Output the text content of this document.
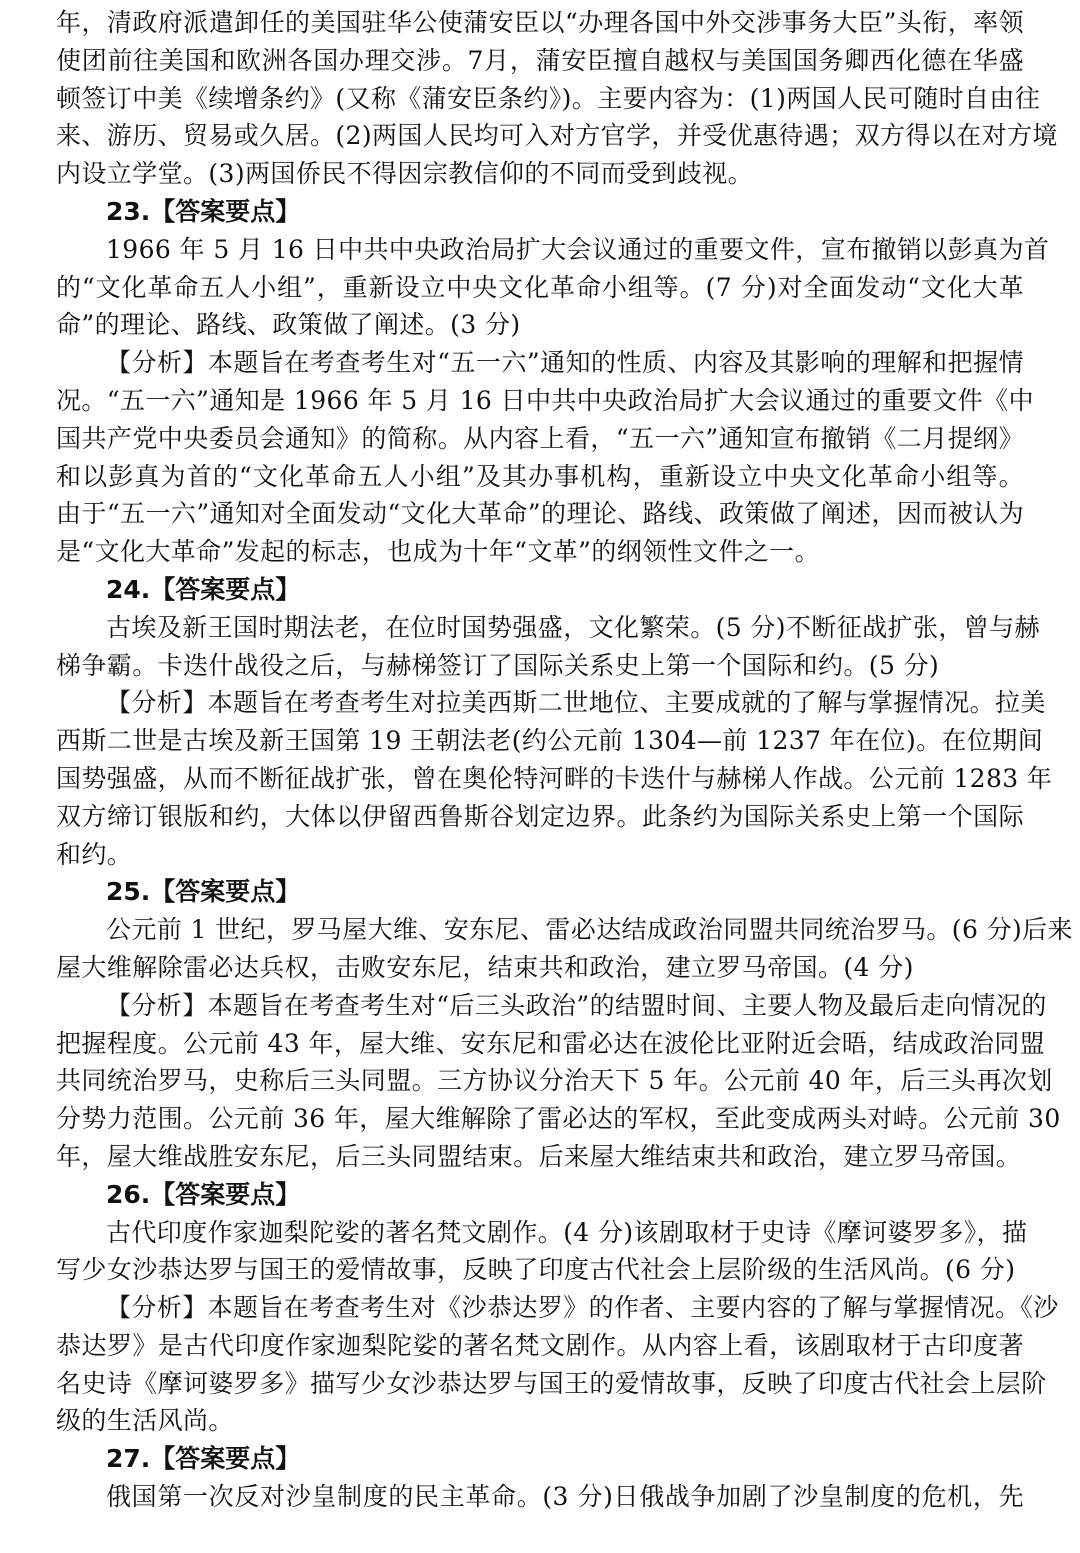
年，清政府派遣卸任的美国驻华公使蒲安臣以“办理各国中外交涉事务大臣”头衔，率领
使团前往美国和欧洲各国办理交涉。7月，蒲安臣擅自越权与美国国务卿西化德在华盛
顿签订中美《续增条约》(又称《蒲安臣条约》)。主要内容为：(1)两国人民可随时自由往
来、游历、贸易或久居。(2)两国人民均可入对方官学，并受优惠待遇；双方得以在对方境
内设立学堂。(3)两国侨民不得因宗教信仰的不同而受到歧视。
23.【答案要点】
1966 年 5 月 16 日中共中央政治局扩大会议通过的重要文件，宣布撤销以彭真为首
的“文化革命五人小组”，重新设立中央文化革命小组等。(7 分)对全面发动“文化大革
命”的理论、路线、政策做了阐述。(3 分)
【分析】本题旨在考查考生对“五一六”通知的性质、内容及其影响的理解和把握情
况。“五一六”通知是 1966 年 5 月 16 日中共中央政治局扩大会议通过的重要文件《中
国共产党中央委员会通知》的简称。从内容上看，“五一六”通知宣布撤销《二月提纲》
和以彭真为首的“文化革命五人小组”及其办事机构，重新设立中央文化革命小组等。
由于“五一六”通知对全面发动“文化大革命”的理论、路线、政策做了阐述，因而被认为
是“文化大革命”发起的标志，也成为十年“文革”的纲领性文件之一。
24.【答案要点】
古埃及新王国时期法老，在位时国势强盛，文化繁荣。(5 分)不断征战扩张，曾与赫
梯争霸。卡迭什战役之后，与赫梯签订了国际关系史上第一个国际和约。(5 分)
【分析】本题旨在考查考生对拉美西斯二世地位、主要成就的了解与掌握情况。拉美
西斯二世是古埃及新王国第 19 王朝法老(约公元前 1304—前 1237 年在位)。在位期间
国势强盛，从而不断征战扩张，曾在奥伦特河畔的卡迭什与赫梯人作战。公元前 1283 年
双方缔订银版和约，大体以伊留西鲁斯谷划定边界。此条约为国际关系史上第一个国际
和约。
25.【答案要点】
公元前 1 世纪，罗马屋大维、安东尼、雷必达结成政治同盟共同统治罗马。(6 分)后来
屋大维解除雷必达兵权，击败安东尼，结束共和政治，建立罗马帝国。(4 分)
【分析】本题旨在考查考生对“后三头政治”的结盟时间、主要人物及最后走向情况的
把握程度。公元前 43 年，屋大维、安东尼和雷必达在波伦比亚附近会晤，结成政治同盟
共同统治罗马，史称后三头同盟。三方协议分治天下 5 年。公元前 40 年，后三头再次划
分势力范围。公元前 36 年，屋大维解除了雷必达的军权，至此变成两头对峙。公元前 30
年，屋大维战胜安东尼，后三头同盟结束。后来屋大维结束共和政治，建立罗马帝国。
26.【答案要点】
古代印度作家迦梨陀娑的著名梵文剧作。(4 分)该剧取材于史诗《摩诃婆罗多》，描
写少女沙恭达罗与国王的爱情故事，反映了印度古代社会上层阶级的生活风尚。(6 分)
【分析】本题旨在考查考生对《沙恭达罗》的作者、主要内容的了解与掌握情况。《沙
恭达罗》是古代印度作家迦梨陀娑的著名梵文剧作。从内容上看，该剧取材于古印度著
名史诗《摩诃婆罗多》描写少女沙恭达罗与国王的爱情故事，反映了印度古代社会上层阶
级的生活风尚。
27.【答案要点】
俄国第一次反对沙皇制度的民主革命。(3 分)日俄战争加剧了沙皇制度的危机，先
